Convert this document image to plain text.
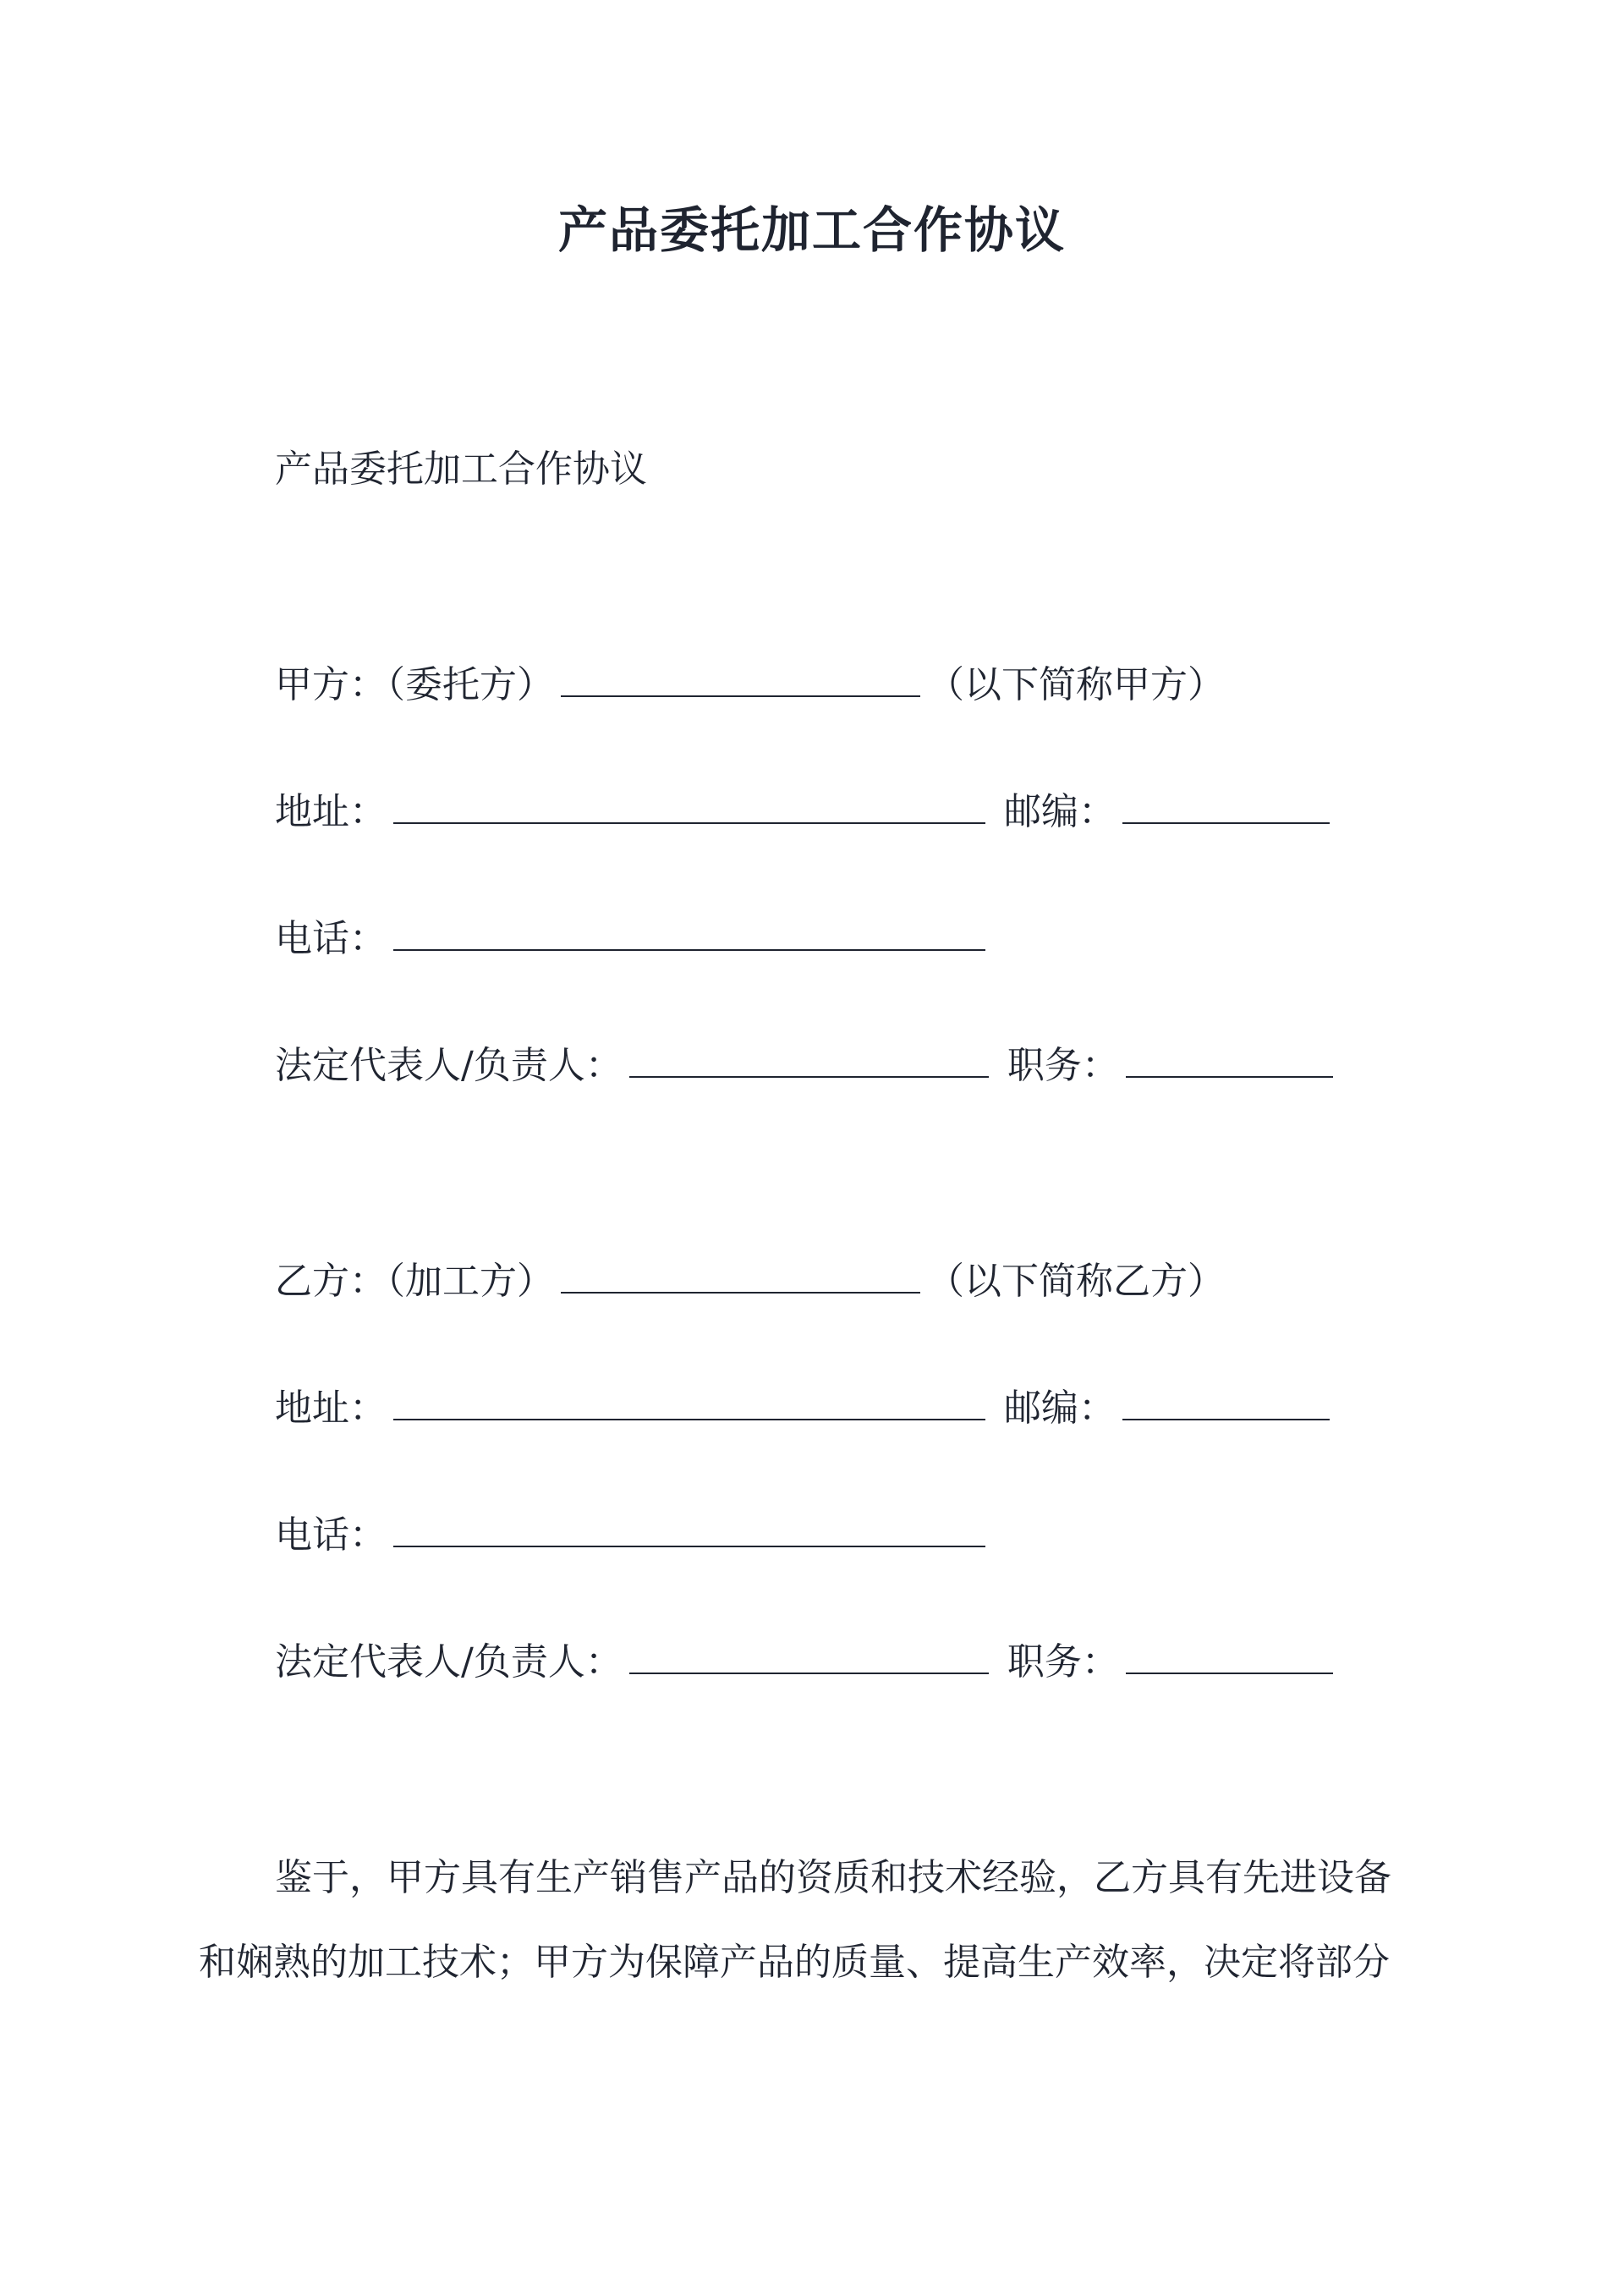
产品委托加工合作协议
产品委托加工合作协议
甲方：（委托方）	（以下简称甲方）
地址：	邮编：
电话：
法定代表人/负责人：	职务：
乙方：（加工方）	（以下简称乙方）
地址：	邮编：
电话：
法定代表人/负责人：	职务：
鉴于，甲方具有生产销售产品的资质和技术经验，乙方具有先进设备
和娴熟的加工技术；甲方为保障产品的质量、提高生产效率，决定将部分
